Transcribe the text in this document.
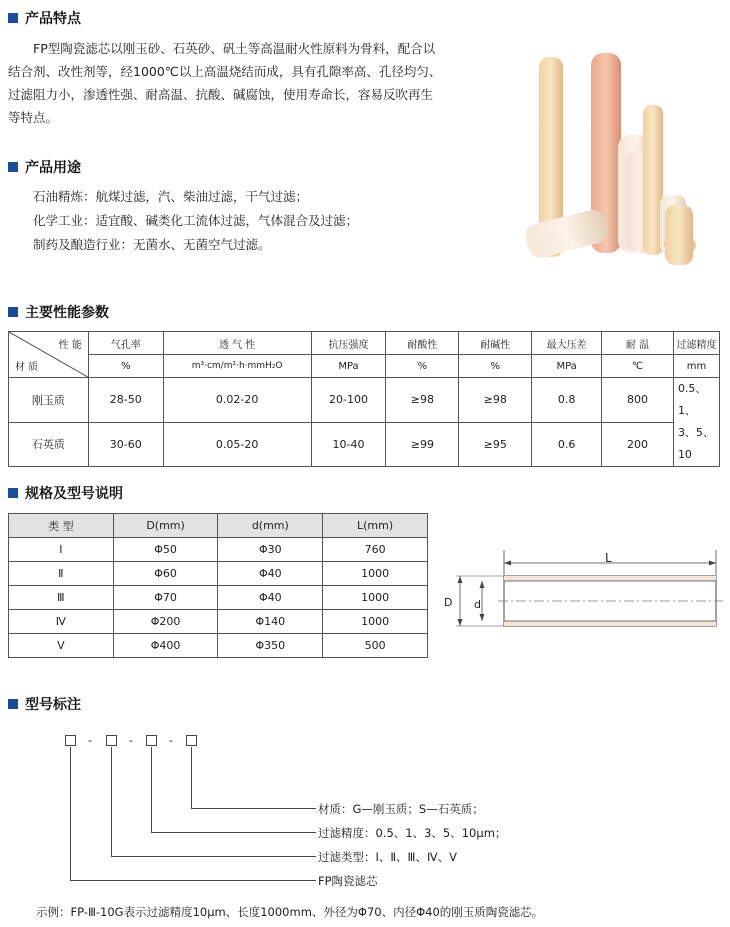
产品特点
FP型陶瓷滤芯以刚玉砂、石英砂、矾土等高温耐火性原料为骨料，配合以
结合剂、改性剂等，经1000℃以上高温烧结而成，具有孔隙率高、孔径均匀、
过滤阻力小，渗透性强、耐高温、抗酸、碱腐蚀，使用寿命长，容易反吹再生
等特点。
产品用途
石油精炼：航煤过滤，汽、柴油过滤，干气过滤；
化学工业：适宜酸、碱类化工流体过滤，气体混合及过滤；
制药及酿造行业：无菌水、无菌空气过滤。
主要性能参数
性 能
材 质	气孔率	透 气 性	抗压强度	耐酸性	耐碱性	最大压差	耐 温	过滤精度
	%	m³·cm/m²·h·mmH₂O	MPa	%	%	MPa	℃	mm
刚玉质	28-50	0.02-20	20-100	≥98	≥98	0.8	800	0.5、1、
3、5、10

石英质	30-60	0.05-20	10-40	≥99	≥95	0.6	200	
规格及型号说明
类 型	D(mm)	d(mm)	L(mm)
Ⅰ	Φ50	Φ30	760
Ⅱ	Φ60	Φ40	1000
Ⅲ	Φ70	Φ40	1000
Ⅳ	Φ200	Φ140	1000
Ⅴ	Φ400	Φ350	500
L
D d
型号标注
-	-	-
材质：G—刚玉质；S—石英质；
过滤精度：0.5、1、3、5、10μm；
过滤类型：Ⅰ、Ⅱ、Ⅲ、Ⅳ、Ⅴ
FP陶瓷滤芯
示例：FP-Ⅲ-10G表示过滤精度10μm、长度1000mm、外径为Φ70、内径Φ40的刚玉质陶瓷滤芯。
